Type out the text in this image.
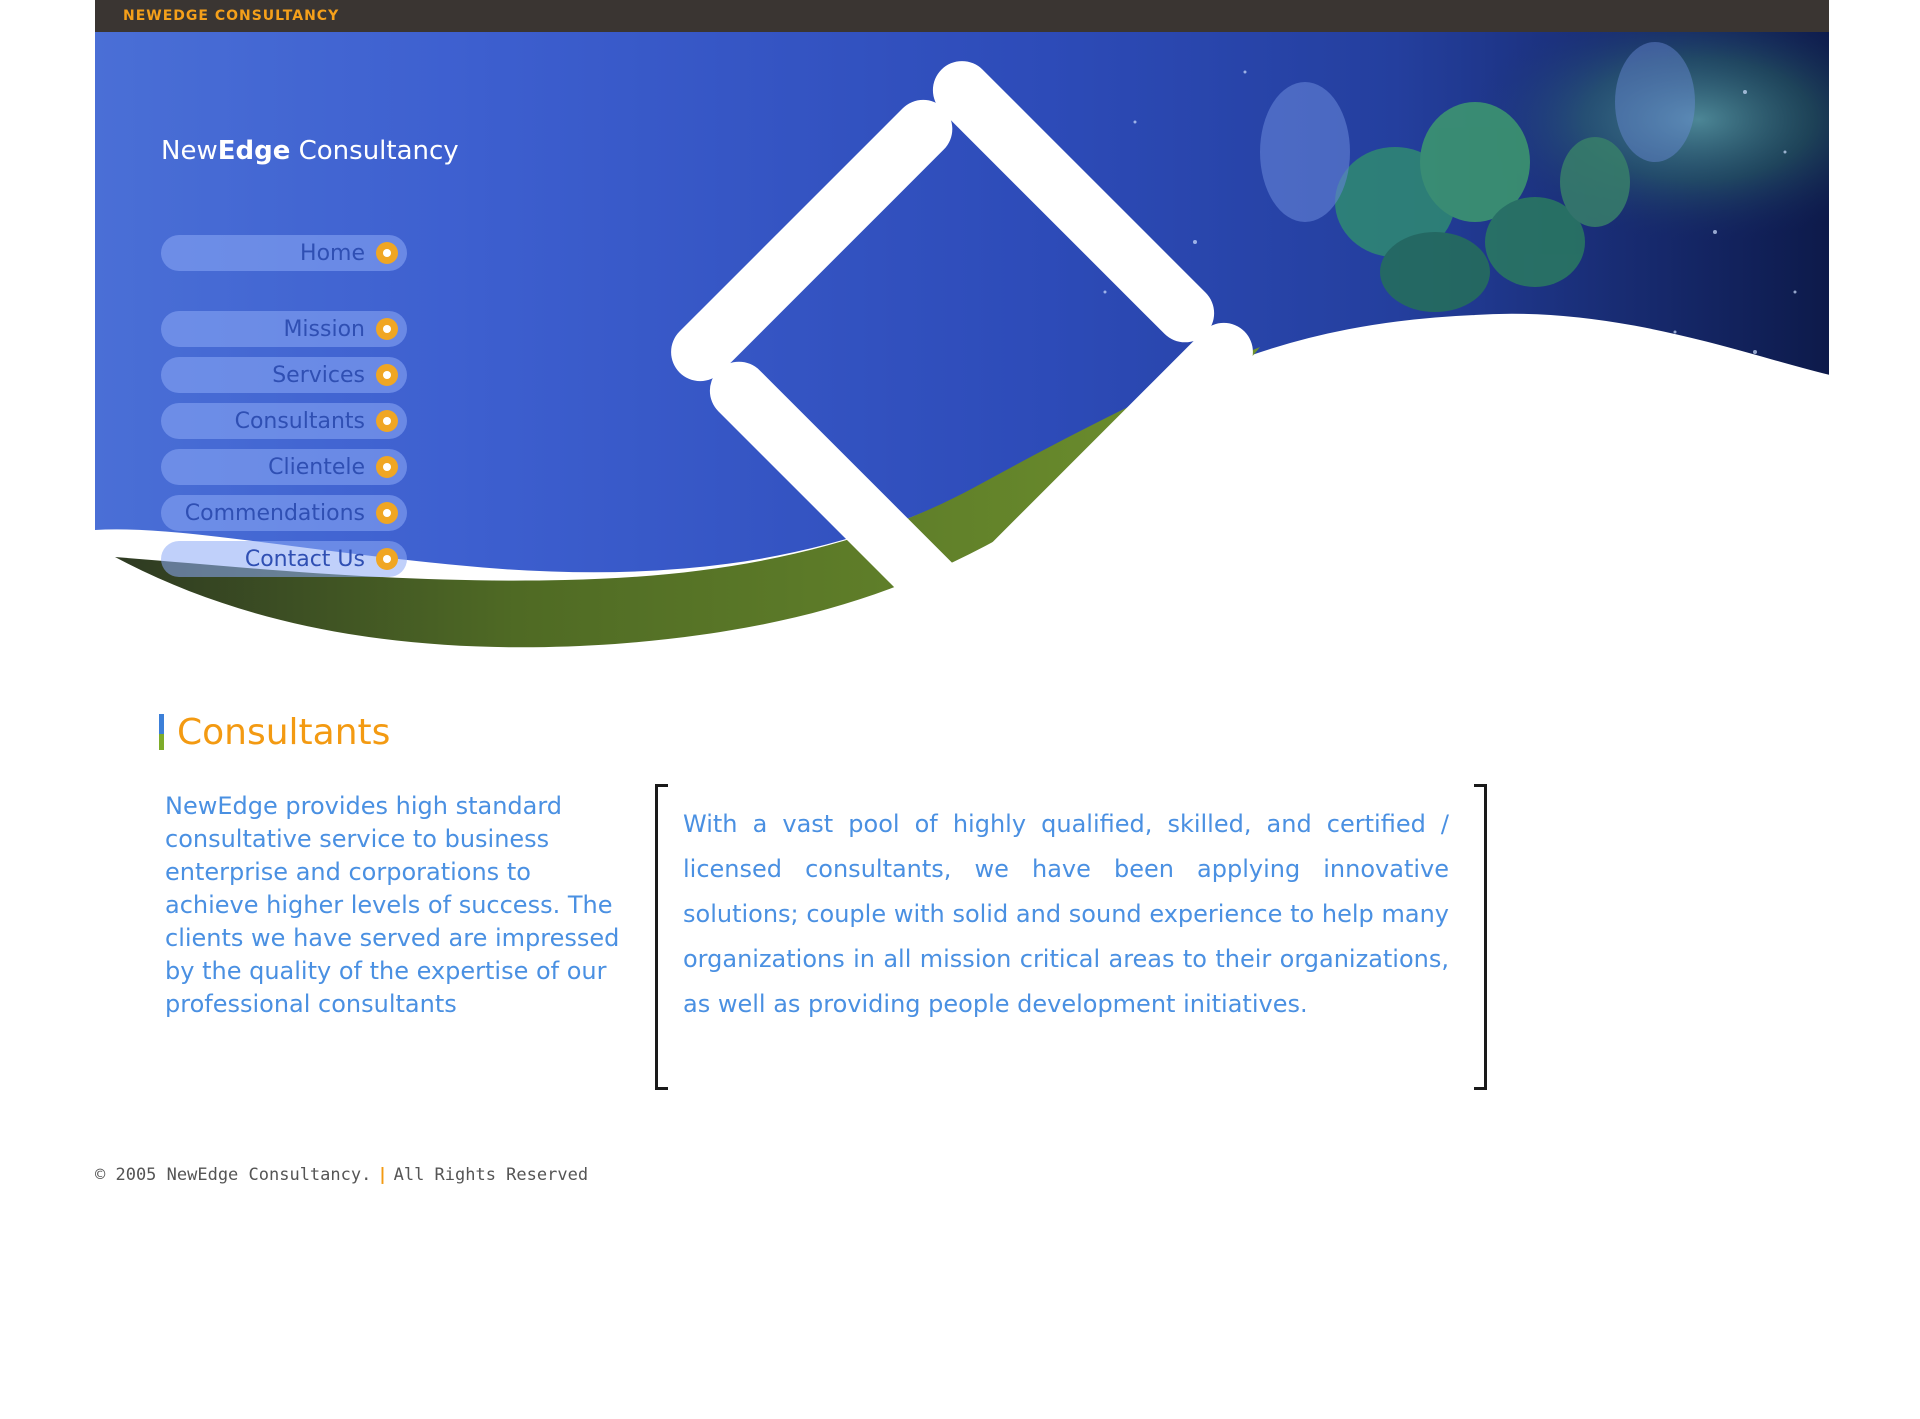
NEWEDGE CONSULTANCY
NewEdge Consultancy
Home
Mission
Services
Consultants
Clientele
Commendations
Contact Us
Consultants

NewEdge provides high standard consultative service to business enterprise and corporations to achieve higher levels of success. The clients we have served are impressed by the quality of the expertise of our professional consultants

With a vast pool of highly qualified, skilled, and certified / licensed consultants, we have been applying innovative solutions; couple with solid and sound experience to help many organizations in all mission critical areas to their organizations, as well as providing people development initiatives.

© 2005 NewEdge Consultancy. | All Rights Reserved
